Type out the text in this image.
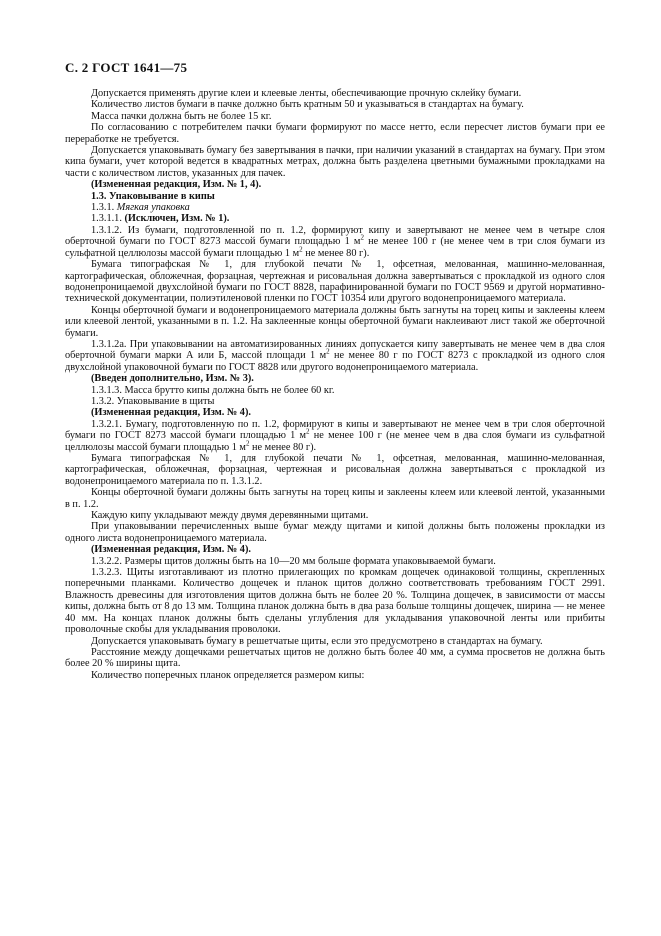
С. 2 ГОСТ 1641—75
Допускается применять другие клеи и клеевые ленты, обеспечивающие прочную склейку бумаги.
Количество листов бумаги в пачке должно быть кратным 50 и указываться в стандартах на бумагу.
Масса пачки должна быть не более 15 кг.
По согласованию с потребителем пачки бумаги формируют по массе нетто, если пересчет листов бумаги при ее переработке не требуется.
Допускается упаковывать бумагу без завертывания в пачки, при наличии указаний в стандартах на бумагу. При этом кипа бумаги, учет которой ведется в квадратных метрах, должна быть разделена цветными бумажными прокладками на части с количеством листов, указанных для пачек.
(Измененная редакция, Изм. № 1, 4).
1.3. Упаковывание в кипы
1.3.1. Мягкая упаковка
1.3.1.1. (Исключен, Изм. № 1).
1.3.1.2. Из бумаги, подготовленной по п. 1.2, формируют кипу и завертывают не менее чем в четыре слоя оберточной бумаги по ГОСТ 8273 массой бумаги площадью 1 $м^2$ не менее 100 г (не менее чем в три слоя бумаги из сульфатной целлюлозы массой бумаги площадью 1 $м^2$ не менее 80 г).
Бумага типографская № 1, для глубокой печати № 1, офсетная, мелованная, машинно-мелованная, картографическая, обложечная, форзацная, чертежная и рисовальная должна завертываться с прокладкой из одного слоя водонепроницаемой двухслойной бумаги по ГОСТ 8828, парафинированной бумаги по ГОСТ 9569 и другой нормативно-технической документации, полиэтиленовой пленки по ГОСТ 10354 или другого водонепроницаемого материала.
Концы оберточной бумаги и водонепроницаемого материала должны быть загнуты на торец кипы и заклеены клеем или клеевой лентой, указанными в п. 1.2. На заклеенные концы оберточной бумаги наклеивают лист такой же оберточной бумаги.
1.3.1.2а. При упаковывании на автоматизированных линиях допускается кипу завертывать не менее чем в два слоя оберточной бумаги марки А или Б, массой площади 1 $м^2$ не менее 80 г по ГОСТ 8273 с прокладкой из одного слоя двухслойной упаковочной бумаги по ГОСТ 8828 или другого водонепроницаемого материала.
(Введен дополнительно, Изм. № 3).
1.3.1.3. Масса брутто кипы должна быть не более 60 кг.
1.3.2. Упаковывание в щиты
(Измененная редакция, Изм. № 4).
1.3.2.1. Бумагу, подготовленную по п. 1.2, формируют в кипы и завертывают не менее чем в три слоя оберточной бумаги по ГОСТ 8273 массой бумаги площадью 1 $м^2$ не менее 100 г (не менее чем в два слоя бумаги из сульфатной целлюлозы массой бумаги площадью 1 $м^2$ не менее 80 г).
Бумага типографская № 1, для глубокой печати № 1, офсетная, мелованная, машинно-мелованная, картографическая, обложечная, форзацная, чертежная и рисовальная должна завертываться с прокладкой из водонепроницаемого материала по п. 1.3.1.2.
Концы оберточной бумаги должны быть загнуты на торец кипы и заклеены клеем или клеевой лентой, указанными в п. 1.2.
Каждую кипу укладывают между двумя деревянными щитами.
При упаковывании перечисленных выше бумаг между щитами и кипой должны быть положены прокладки из одного листа водонепроницаемого материала.
(Измененная редакция, Изм. № 4).
1.3.2.2. Размеры щитов должны быть на 10—20 мм больше формата упаковываемой бумаги.
1.3.2.3. Щиты изготавливают из плотно прилегающих по кромкам дощечек одинаковой толщины, скрепленных поперечными планками. Количество дощечек и планок щитов должно соответствовать требованиям ГОСТ 2991. Влажность древесины для изготовления щитов должна быть не более 20 %. Толщина дощечек, в зависимости от массы кипы, должна быть от 8 до 13 мм. Толщина планок должна быть в два раза больше толщины дощечек, ширина — не менее 40 мм. На концах планок должны быть сделаны углубления для укладывания упаковочной ленты или прибиты проволочные скобы для укладывания проволоки.
Допускается упаковывать бумагу в решетчатые щиты, если это предусмотрено в стандартах на бумагу.
Расстояние между дощечками решетчатых щитов не должно быть более 40 мм, а сумма просветов не должна быть более 20 % ширины щита.
Количество поперечных планок определяется размером кипы:
